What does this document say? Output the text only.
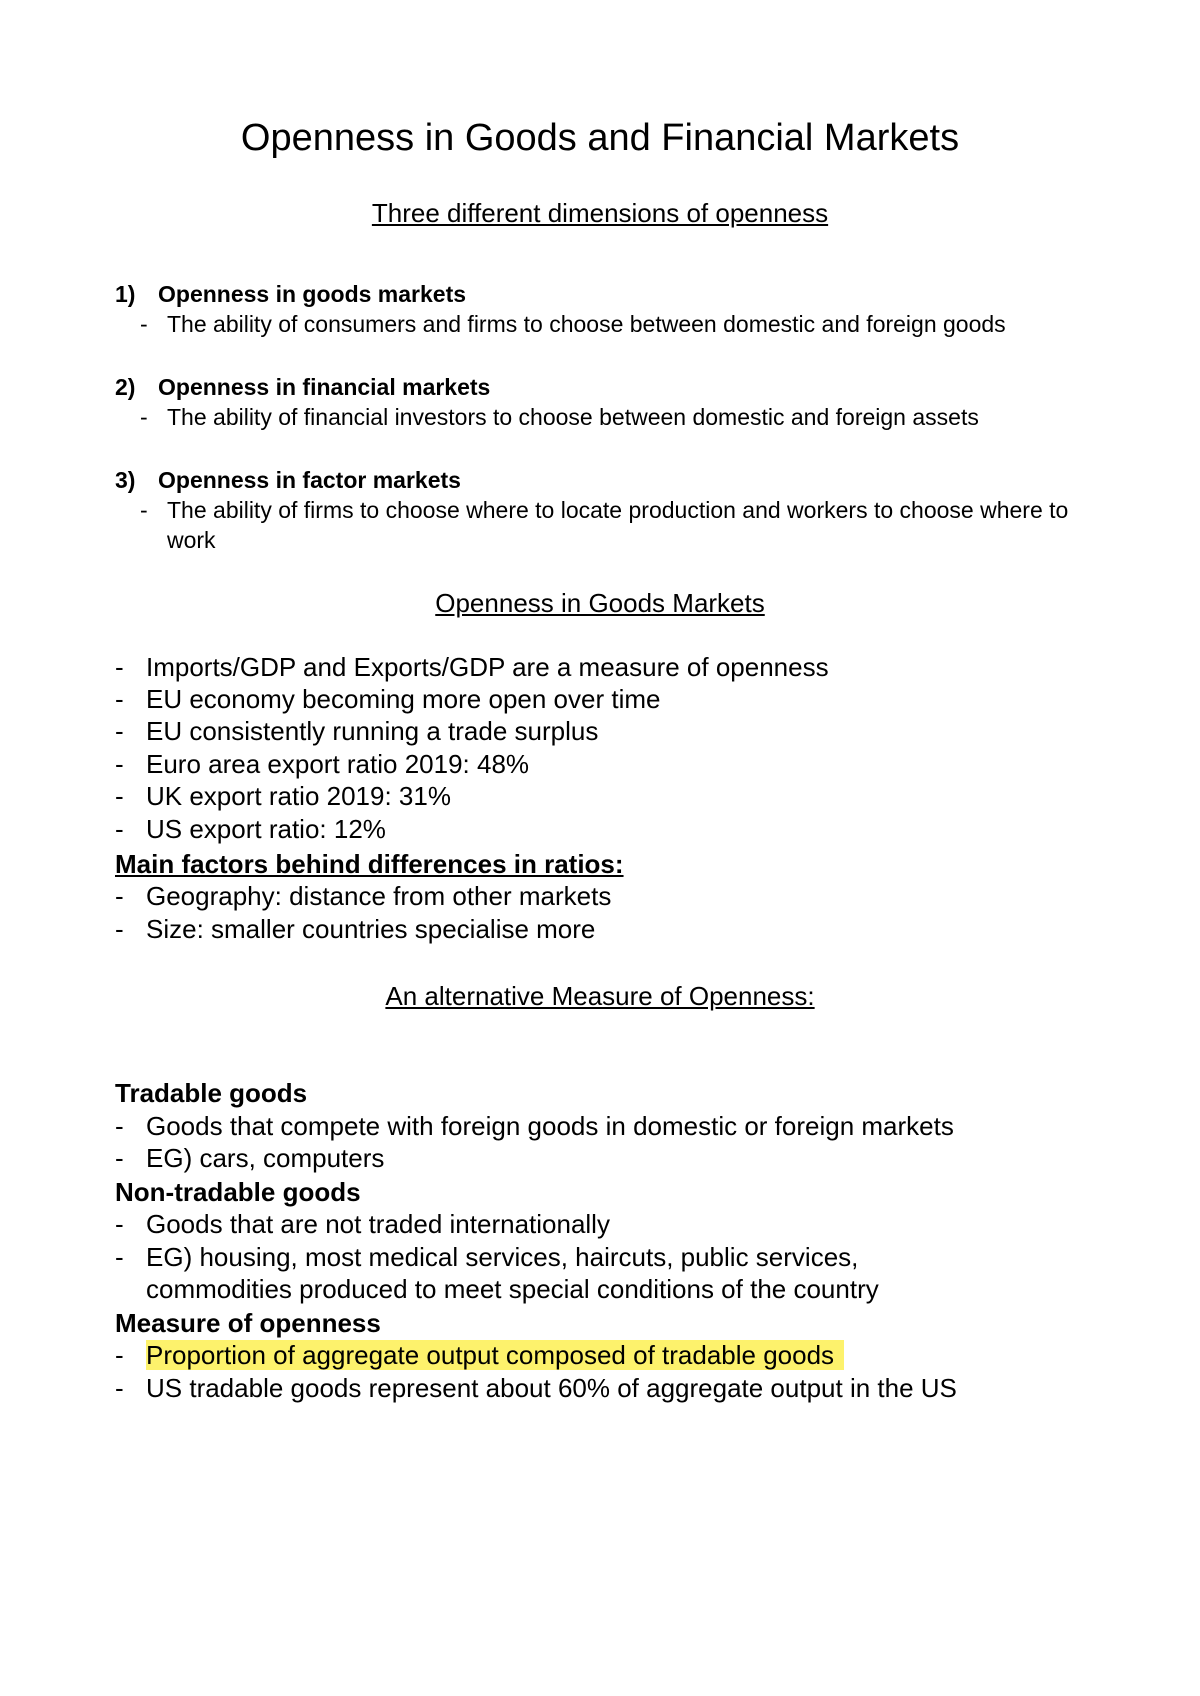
Openness in Goods and Financial Markets
Three different dimensions of openness
1) Openness in goods markets
- The ability of consumers and firms to choose between domestic and foreign goods
2) Openness in financial markets
- The ability of financial investors to choose between domestic and foreign assets
3) Openness in factor markets
- The ability of firms to choose where to locate production and workers to choose where to work
Openness in Goods Markets
- Imports/GDP and Exports/GDP are a measure of openness
- EU economy becoming more open over time
- EU consistently running a trade surplus
- Euro area export ratio 2019: 48%
- UK export ratio 2019: 31%
- US export ratio: 12%
Main factors behind differences in ratios:
- Geography: distance from other markets
- Size: smaller countries specialise more
An alternative Measure of Openness:
Tradable goods
- Goods that compete with foreign goods in domestic or foreign markets
- EG) cars, computers
Non-tradable goods
- Goods that are not traded internationally
- EG) housing, most medical services, haircuts, public services, commodities produced to meet special conditions of the country
Measure of openness
- Proportion of aggregate output composed of tradable goods
- US tradable goods represent about 60% of aggregate output in the US
